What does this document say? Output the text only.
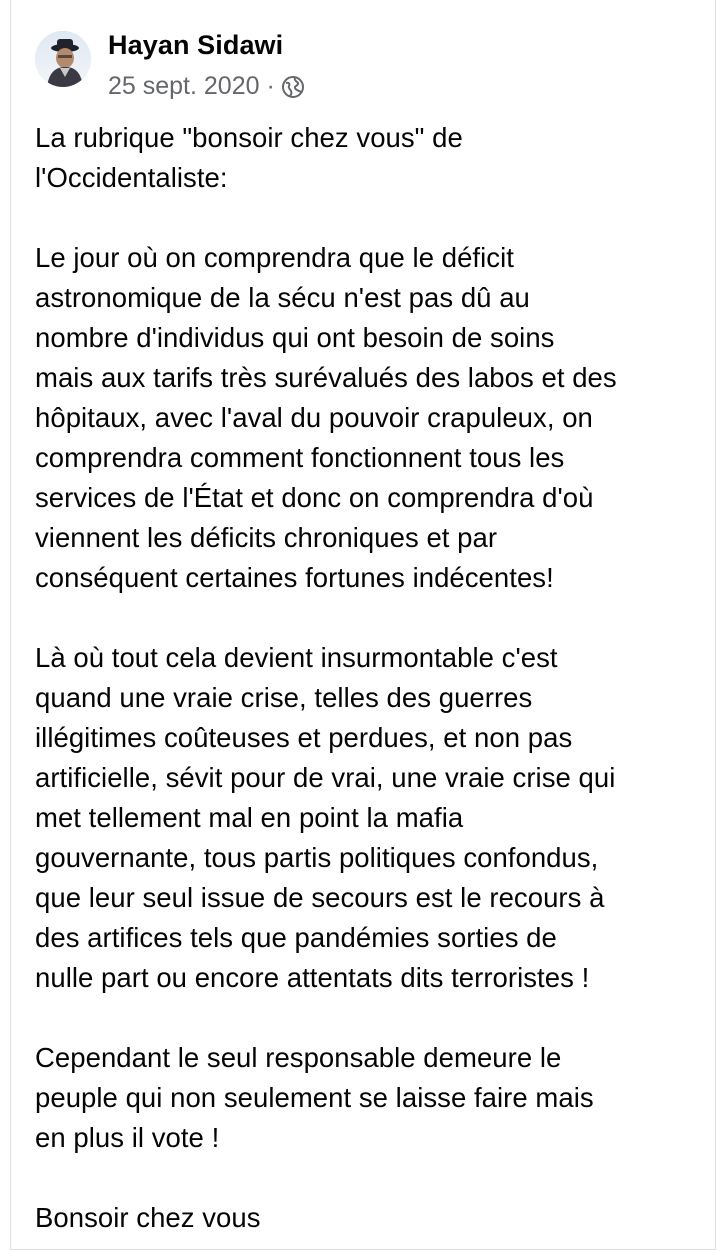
Hayan Sidawi
25 sept. 2020 ·

La rubrique "bonsoir chez vous" de
l'Occidentaliste:

Le jour où on comprendra que le déficit
astronomique de la sécu n'est pas dû au
nombre d'individus qui ont besoin de soins
mais aux tarifs très surévalués des labos et des
hôpitaux, avec l'aval du pouvoir crapuleux, on
comprendra comment fonctionnent tous les
services de l'État et donc on comprendra d'où
viennent les déficits chroniques et par
conséquent certaines fortunes indécentes!

Là où tout cela devient insurmontable c'est
quand une vraie crise, telles des guerres
illégitimes coûteuses et perdues, et non pas
artificielle, sévit pour de vrai, une vraie crise qui
met tellement mal en point la mafia
gouvernante, tous partis politiques confondus,
que leur seul issue de secours est le recours à
des artifices tels que pandémies sorties de
nulle part ou encore attentats dits terroristes !

Cependant le seul responsable demeure le
peuple qui non seulement se laisse faire mais
en plus il vote !

Bonsoir chez vous
